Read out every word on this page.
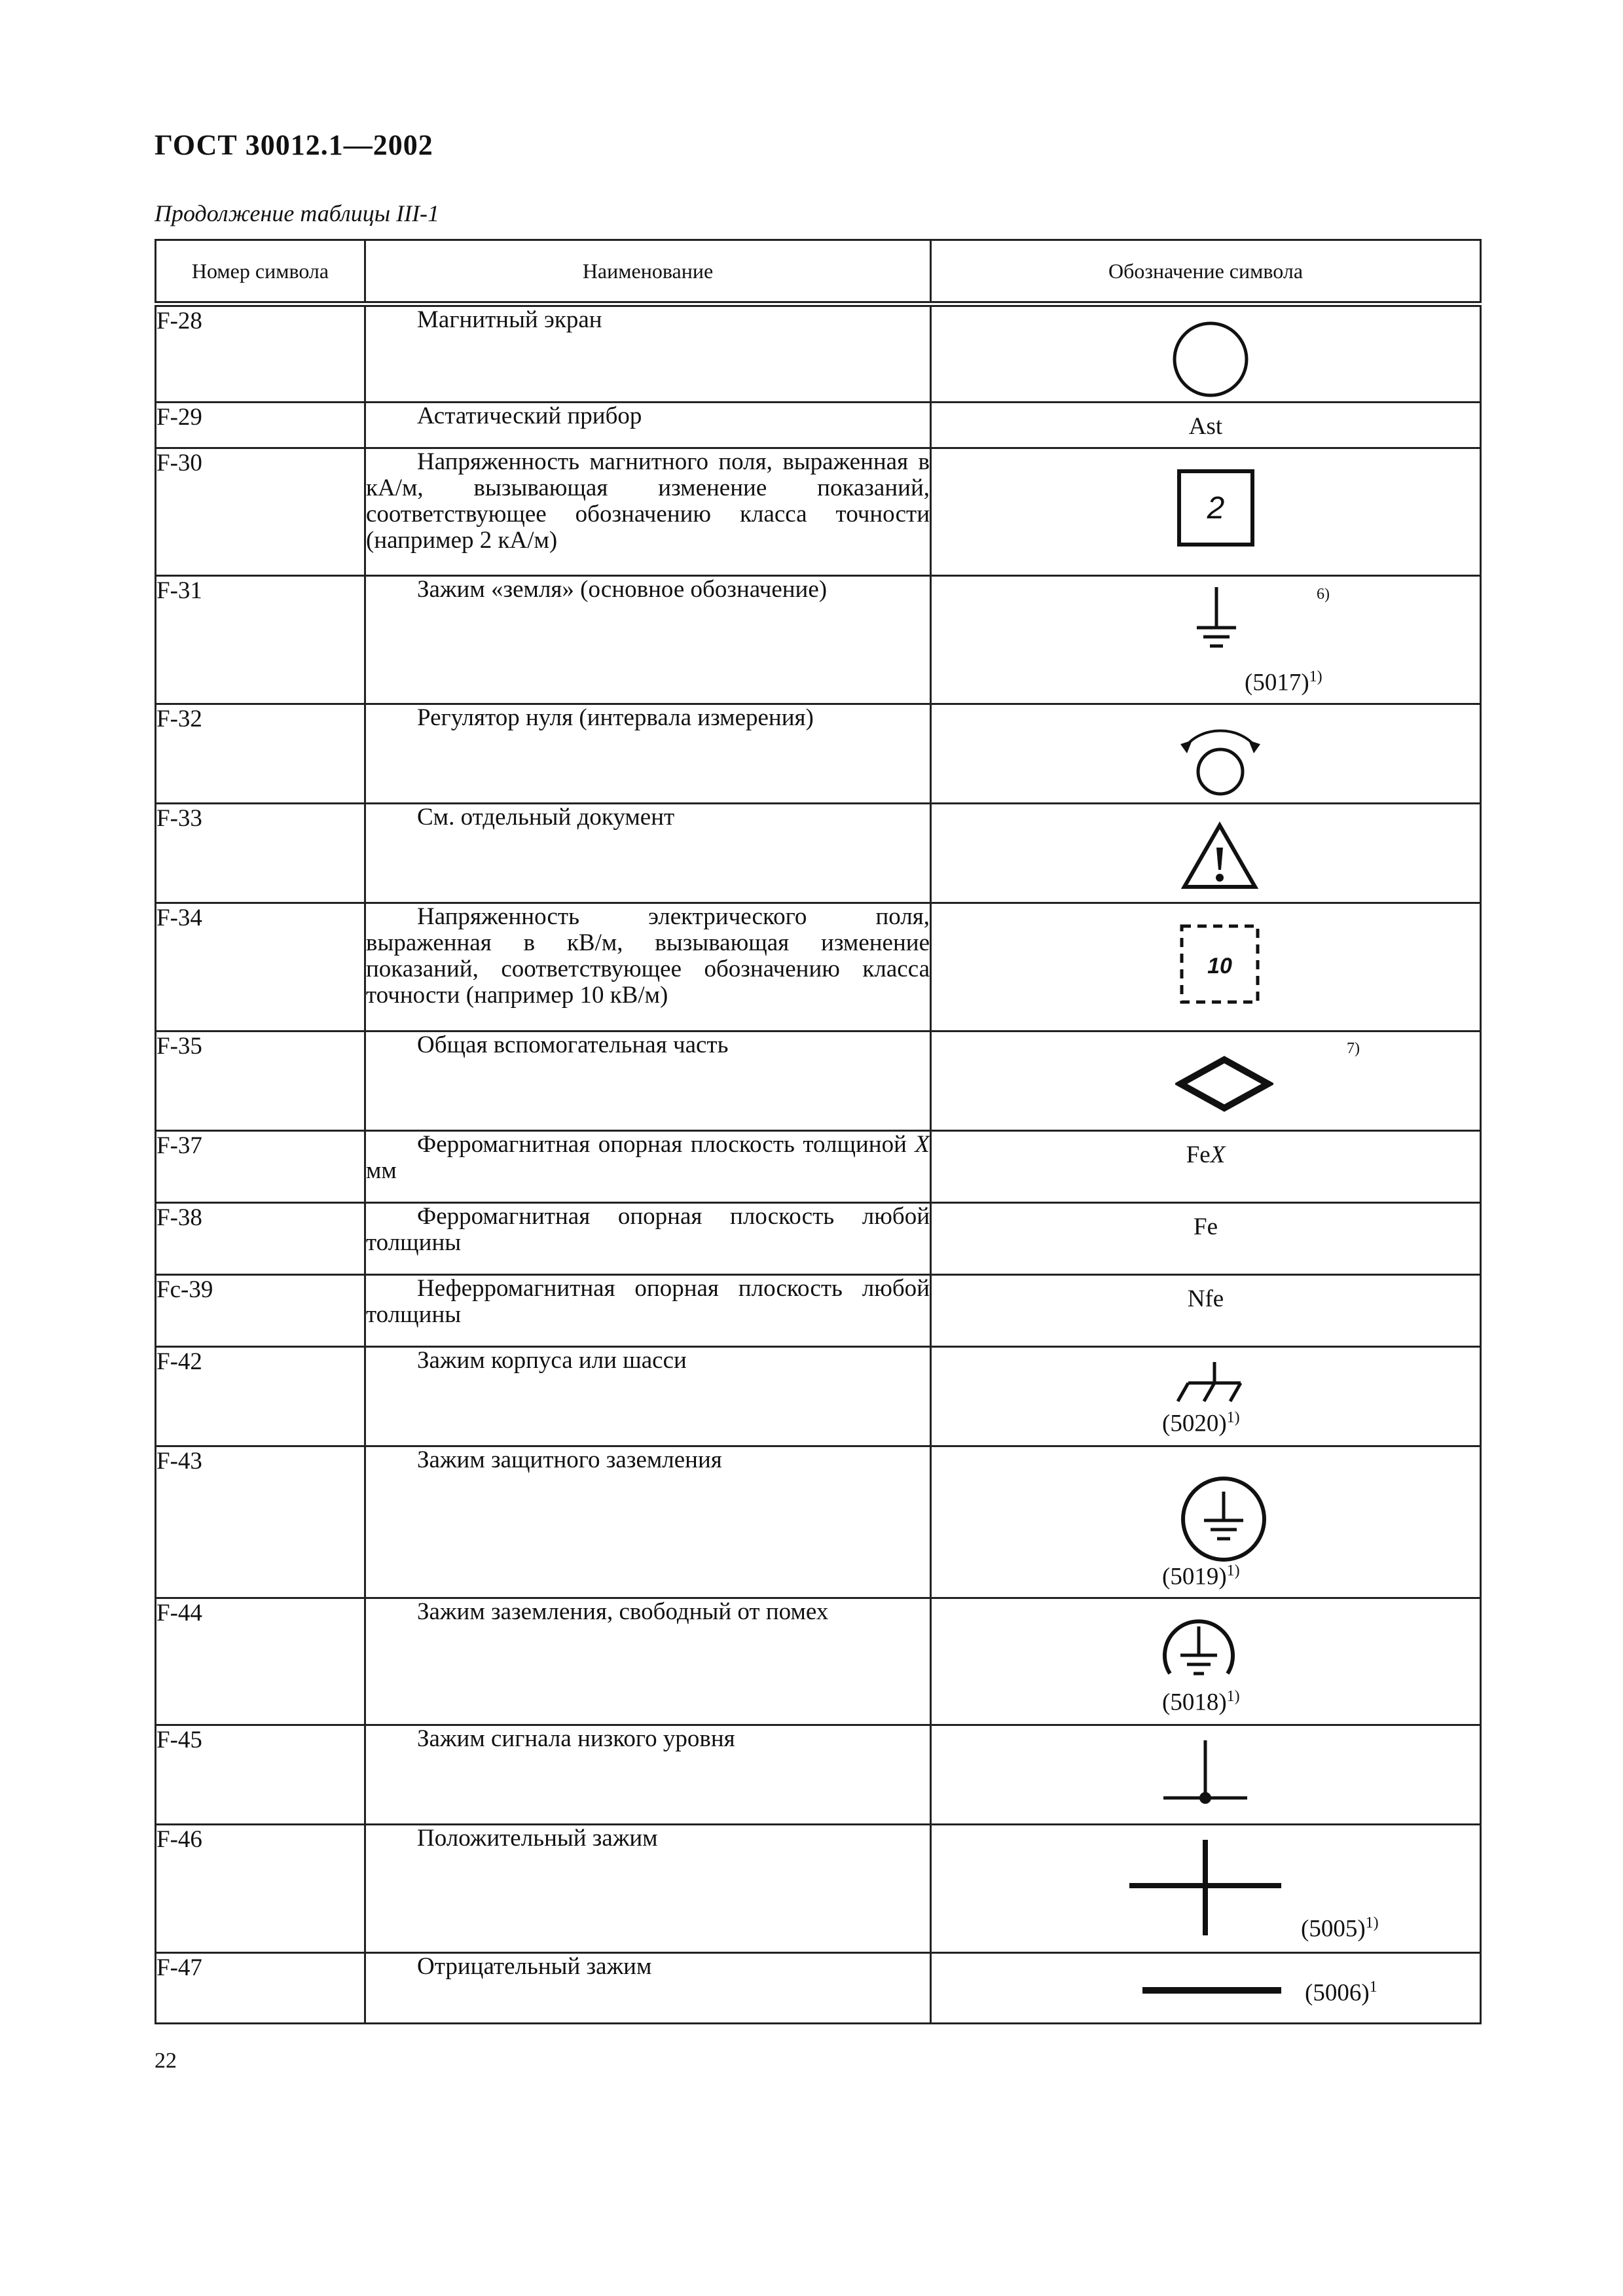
ГОСТ 30012.1—2002
Продолжение таблицы III-1
Номер символа	Наименование	Обозначение символа
F-28	Магнитный экран	

F-29	Астатический прибор	Ast

F-30	Напряженность магнитного поля, выраженная в кА/м, вызывающая изменение показаний, соответствующее обозначению класса точности (например 2 кА/м)	2

F-31	Зажим «земля» (основное обозначение)	6)
$(5017)^{1)}$

F-32	Регулятор нуля (интервала измерения)	

F-33	См. отдельный документ	

F-34	Напряженность электрического поля, выраженная в кВ/м, вызывающая изменение показаний, соответствующее обозначению класса точности (например 10 кВ/м)	10

F-35	Общая вспомогательная часть	7)

F-37	Ферромагнитная опорная плоскость толщиной X мм	FeX

F-38	Ферромагнитная опорная плоскость любой толщины	Fe

Fc-39	Неферромагнитная опорная плоскость любой толщины	Nfe

F-42	Зажим корпуса или шасси	$(5020)^{1)}$

F-43	Зажим защитного заземления	$(5019)^{1)}$

F-44	Зажим заземления, свободный от помех	$(5018)^{1)}$

F-45	Зажим сигнала низкого уровня	

F-46	Положительный зажим	$(5005)^{1)}$

F-47	Отрицательный зажим	$(5006)^1$
22
